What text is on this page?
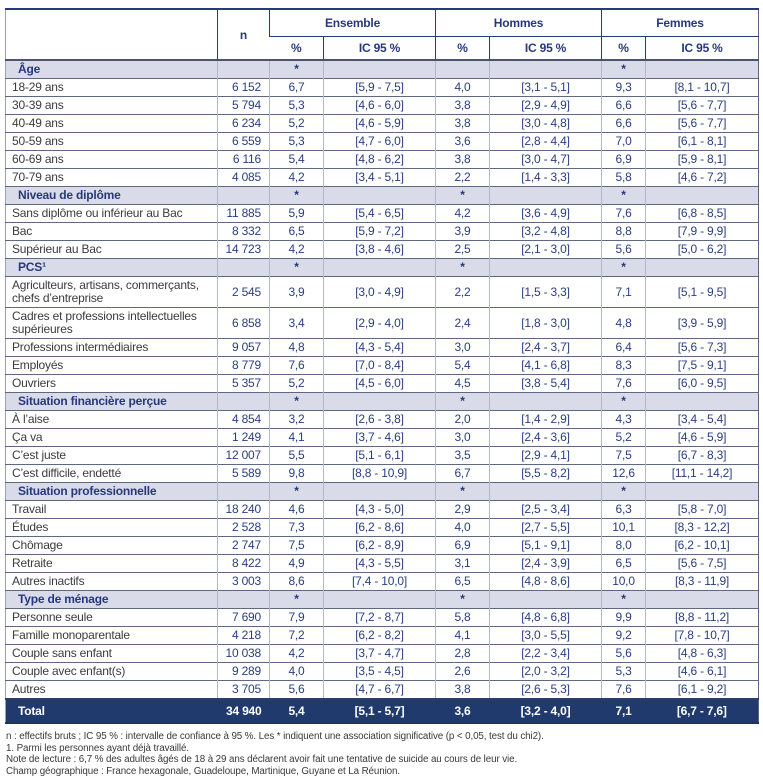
	n	Ensemble		Hommes		Femmes	
		%	IC 95 %	%	IC 95 %	%	IC 95 %
Âge		*				*	
18-29 ans	6 152	6,7	[5,9 - 7,5]	4,0	[3,1 - 5,1]	9,3	[8,1 - 10,7]
30-39 ans	5 794	5,3	[4,6 - 6,0]	3,8	[2,9 - 4,9]	6,6	[5,6 - 7,7]
40-49 ans	6 234	5,2	[4,6 - 5,9]	3,8	[3,0 - 4,8]	6,6	[5,6 - 7,7]
50-59 ans	6 559	5,3	[4,7 - 6,0]	3,6	[2,8 - 4,4]	7,0	[6,1 - 8,1]
60-69 ans	6 116	5,4	[4,8 - 6,2]	3,8	[3,0 - 4,7]	6,9	[5,9 - 8,1]
70-79 ans	4 085	4,2	[3,4 - 5,1]	2,2	[1,4 - 3,3]	5,8	[4,6 - 7,2]
Niveau de diplôme		*		*		*	
Sans diplôme ou inférieur au Bac	11 885	5,9	[5,4 - 6,5]	4,2	[3,6 - 4,9]	7,6	[6,8 - 8,5]
Bac	8 332	6,5	[5,9 - 7,2]	3,9	[3,2 - 4,8]	8,8	[7,9 - 9,9]
Supérieur au Bac	14 723	4,2	[3,8 - 4,6]	2,5	[2,1 - 3,0]	5,6	[5,0 - 6,2]
PCS¹		*		*		*	
Agriculteurs, artisans, commerçants, chefs d’entreprise	2 545	3,9	[3,0 - 4,9]	2,2	[1,5 - 3,3]	7,1	[5,1 - 9,5]
Cadres et professions intellectuelles supérieures	6 858	3,4	[2,9 - 4,0]	2,4	[1,8 - 3,0]	4,8	[3,9 - 5,9]
Professions intermédiaires	9 057	4,8	[4,3 - 5,4]	3,0	[2,4 - 3,7]	6,4	[5,6 - 7,3]
Employés	8 779	7,6	[7,0 - 8,4]	5,4	[4,1 - 6,8]	8,3	[7,5 - 9,1]
Ouvriers	5 357	5,2	[4,5 - 6,0]	4,5	[3,8 - 5,4]	7,6	[6,0 - 9,5]
Situation financière perçue		*		*		*	
À l’aise	4 854	3,2	[2,6 - 3,8]	2,0	[1,4 - 2,9]	4,3	[3,4 - 5,4]
Ça va	1 249	4,1	[3,7 - 4,6]	3,0	[2,4 - 3,6]	5,2	[4,6 - 5,9]
C’est juste	12 007	5,5	[5,1 - 6,1]	3,5	[2,9 - 4,1]	7,5	[6,7 - 8,3]
C’est difficile, endetté	5 589	9,8	[8,8 - 10,9]	6,7	[5,5 - 8,2]	12,6	[11,1 - 14,2]
Situation professionnelle		*		*		*	
Travail	18 240	4,6	[4,3 - 5,0]	2,9	[2,5 - 3,4]	6,3	[5,8 - 7,0]
Études	2 528	7,3	[6,2 - 8,6]	4,0	[2,7 - 5,5]	10,1	[8,3 - 12,2]
Chômage	2 747	7,5	[6,2 - 8,9]	6,9	[5,1 - 9,1]	8,0	[6,2 - 10,1]
Retraite	8 422	4,9	[4,3 - 5,5]	3,1	[2,4 - 3,9]	6,5	[5,6 - 7,5]
Autres inactifs	3 003	8,6	[7,4 - 10,0]	6,5	[4,8 - 8,6]	10,0	[8,3 - 11,9]
Type de ménage		*		*		*	
Personne seule	7 690	7,9	[7,2 - 8,7]	5,8	[4,8 - 6,8]	9,9	[8,8 - 11,2]
Famille monoparentale	4 218	7,2	[6,2 - 8,2]	4,1	[3,0 - 5,5]	9,2	[7,8 - 10,7]
Couple sans enfant	10 038	4,2	[3,7 - 4,7]	2,8	[2,2 - 3,4]	5,6	[4,8 - 6,3]
Couple avec enfant(s)	9 289	4,0	[3,5 - 4,5]	2,6	[2,0 - 3,2]	5,3	[4,6 - 6,1]
Autres	3 705	5,6	[4,7 - 6,7]	3,8	[2,6 - 5,3]	7,6	[6,1 - 9,2]
Total	34 940	5,4	[5,1 - 5,7]	3,6	[3,2 - 4,0]	7,1	[6,7 - 7,6]
n : effectifs bruts ; IC 95 % : intervalle de confiance à 95 %. Les * indiquent une association significative (p < 0,05, test du chi2).
1. Parmi les personnes ayant déjà travaillé.
Note de lecture : 6,7 % des adultes âgés de 18 à 29 ans déclarent avoir fait une tentative de suicide au cours de leur vie.
Champ géographique : France hexagonale, Guadeloupe, Martinique, Guyane et La Réunion.
